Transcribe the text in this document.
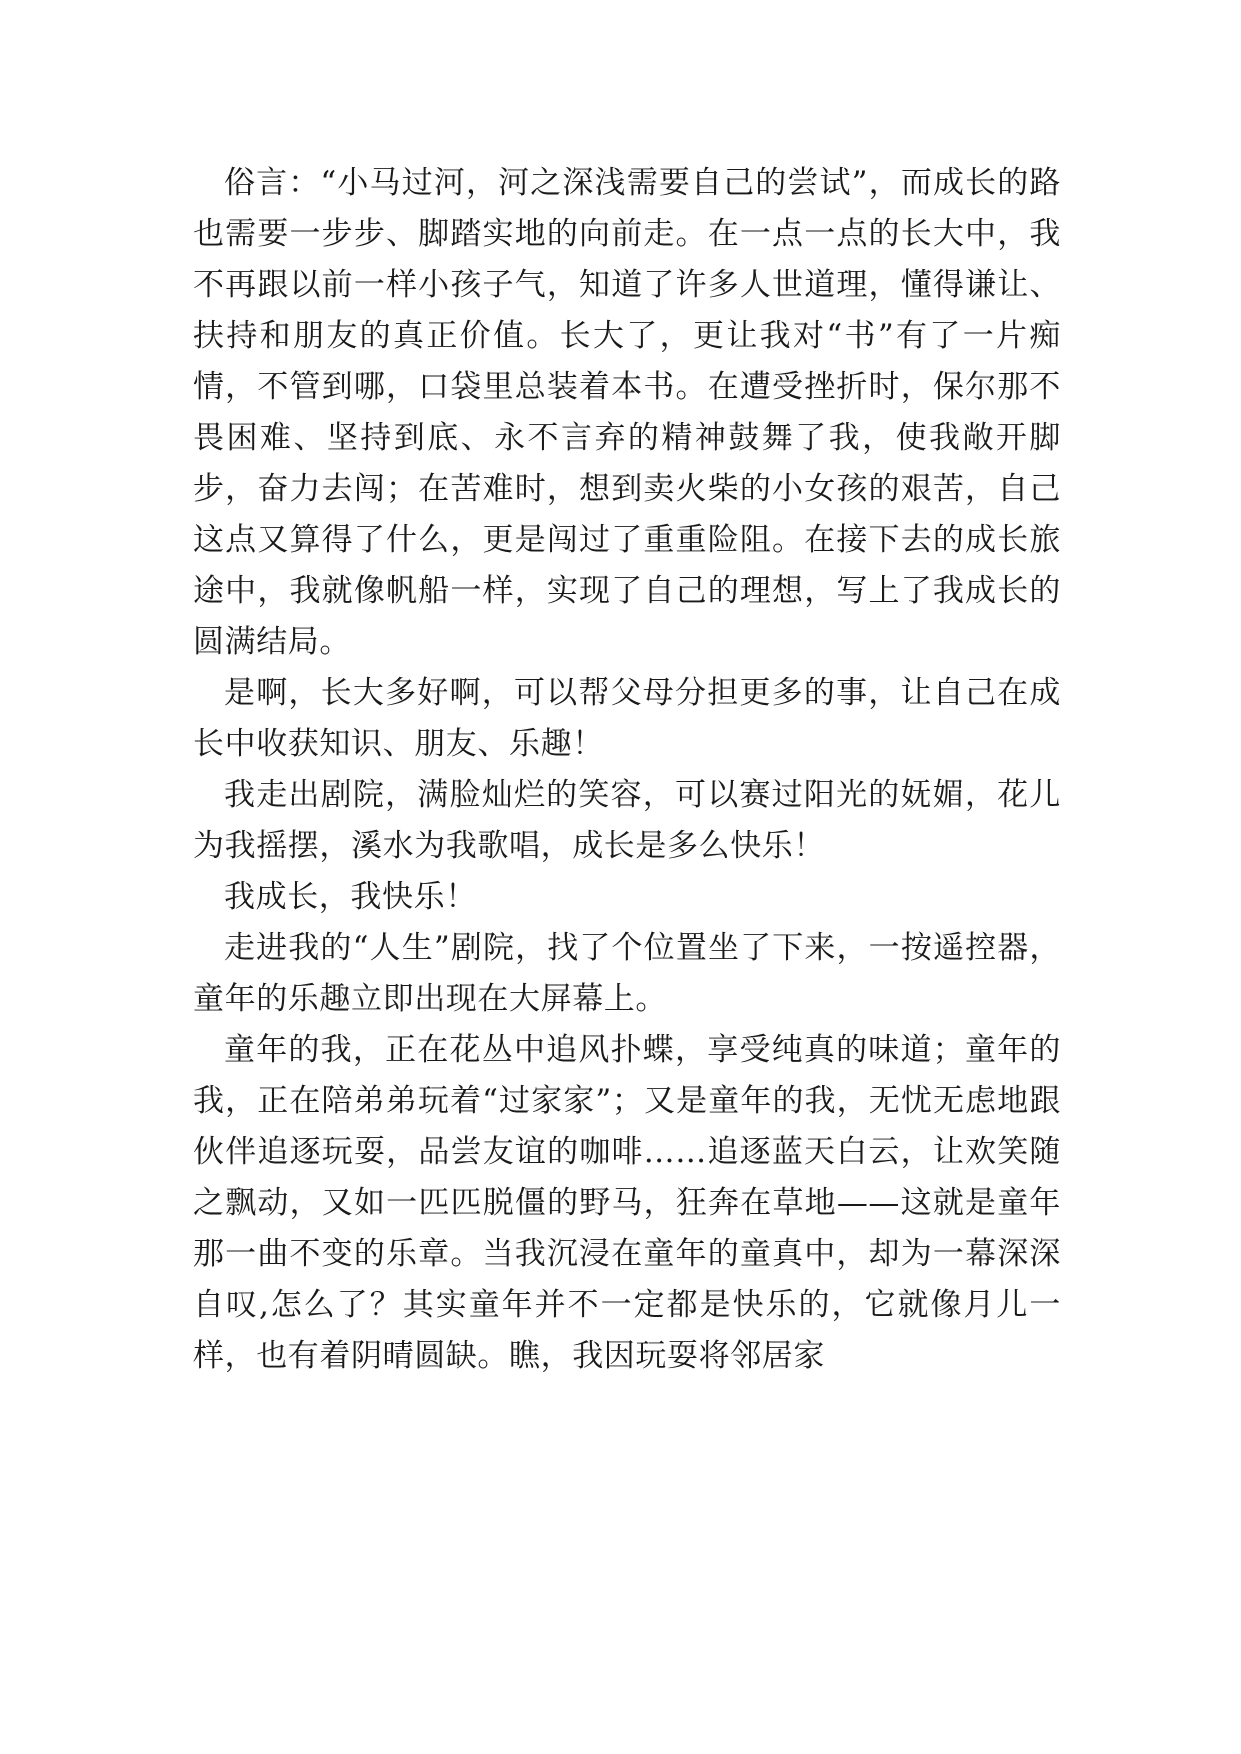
俗言：“小马过河，河之深浅需要自己的尝试”，而成长的路也需要一步步、脚踏实地的向前走。在一点一点的长大中，我不再跟以前一样小孩子气，知道了许多人世道理，懂得谦让、扶持和朋友的真正价值。长大了，更让我对“书”有了一片痴情，不管到哪，口袋里总装着本书。在遭受挫折时，保尔那不畏困难、坚持到底、永不言弃的精神鼓舞了我，使我敞开脚步，奋力去闯；在苦难时，想到卖火柴的小女孩的艰苦，自己这点又算得了什么，更是闯过了重重险阻。在接下去的成长旅途中，我就像帆船一样，实现了自己的理想，写上了我成长的圆满结局。

是啊，长大多好啊，可以帮父母分担更多的事，让自己在成长中收获知识、朋友、乐趣！

我走出剧院，满脸灿烂的笑容，可以赛过阳光的妩媚，花儿为我摇摆，溪水为我歌唱，成长是多么快乐！

我成长，我快乐！

走进我的“人生”剧院，找了个位置坐了下来，一按遥控器，童年的乐趣立即出现在大屏幕上。

童年的我，正在花丛中追风扑蝶，享受纯真的味道；童年的我，正在陪弟弟玩着“过家家”；又是童年的我，无忧无虑地跟伙伴追逐玩耍，品尝友谊的咖啡……追逐蓝天白云，让欢笑随之飘动，又如一匹匹脱僵的野马，狂奔在草地——这就是童年那一曲不变的乐章。当我沉浸在童年的童真中，却为一幕深深自叹,怎么了？其实童年并不一定都是快乐的，它就像月儿一样，也有着阴晴圆缺。瞧，我因玩耍将邻居家
